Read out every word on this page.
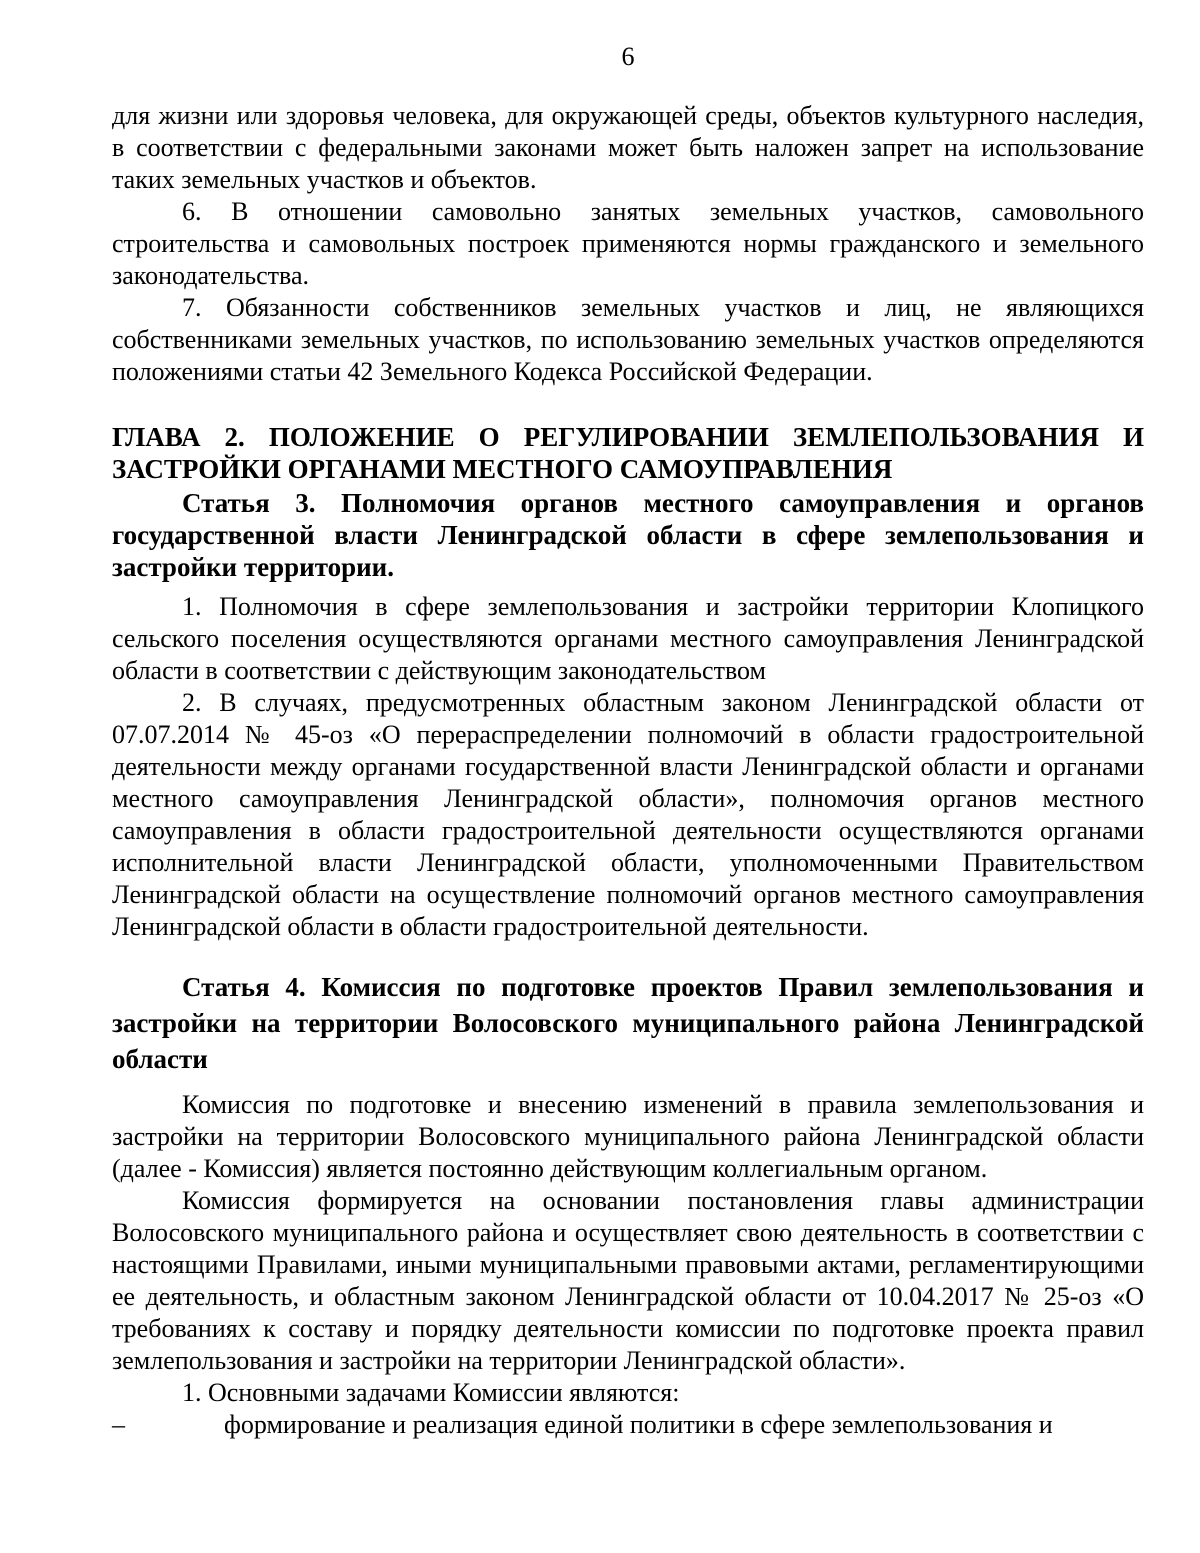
6

для жизни или здоровья человека, для окружающей среды, объектов культурного наследия, в соответствии с федеральными законами может быть наложен запрет на использование таких земельных участков и объектов.

6. В отношении самовольно занятых земельных участков, самовольного строительства и самовольных построек применяются нормы гражданского и земельного законодательства.

7. Обязанности собственников земельных участков и лиц, не являющихся собственниками земельных участков, по использованию земельных участков определяются положениями статьи 42 Земельного Кодекса Российской Федерации.

ГЛАВА 2. ПОЛОЖЕНИЕ О РЕГУЛИРОВАНИИ ЗЕМЛЕПОЛЬЗОВАНИЯ И ЗАСТРОЙКИ ОРГАНАМИ МЕСТНОГО САМОУПРАВЛЕНИЯ
Статья 3. Полномочия органов местного самоуправления и органов государственной власти Ленинградской области в сфере землепользования и застройки территории.

1. Полномочия в сфере землепользования и застройки территории Клопицкого сельского поселения осуществляются органами местного самоуправления Ленинградской области в соответствии с действующим законодательством

2. В случаях, предусмотренных областным законом Ленинградской области от 07.07.2014 № 45-оз «О перераспределении полномочий в области градостроительной деятельности между органами государственной власти Ленинградской области и органами местного самоуправления Ленинградской области», полномочия органов местного самоуправления в области градостроительной деятельности осуществляются органами исполнительной власти Ленинградской области, уполномоченными Правительством Ленинградской области на осуществление полномочий органов местного самоуправления Ленинградской области в области градостроительной деятельности.

Статья 4. Комиссия по подготовке проектов Правил землепользования и застройки на территории Волосовского муниципального района Ленинградской области

Комиссия по подготовке и внесению изменений в правила землепользования и застройки на территории Волосовского муниципального района Ленинградской области (далее - Комиссия) является постоянно действующим коллегиальным органом.

Комиссия формируется на основании постановления главы администрации Волосовского муниципального района и осуществляет свою деятельность в соответствии с настоящими Правилами, иными муниципальными правовыми актами, регламентирующими ее деятельность, и областным законом Ленинградской области от 10.04.2017 № 25-оз «О требованиях к составу и порядку деятельности комиссии по подготовке проекта правил землепользования и застройки на территории Ленинградской области».

1. Основными задачами Комиссии являются:

–	формирование и реализация единой политики в сфере землепользования и
